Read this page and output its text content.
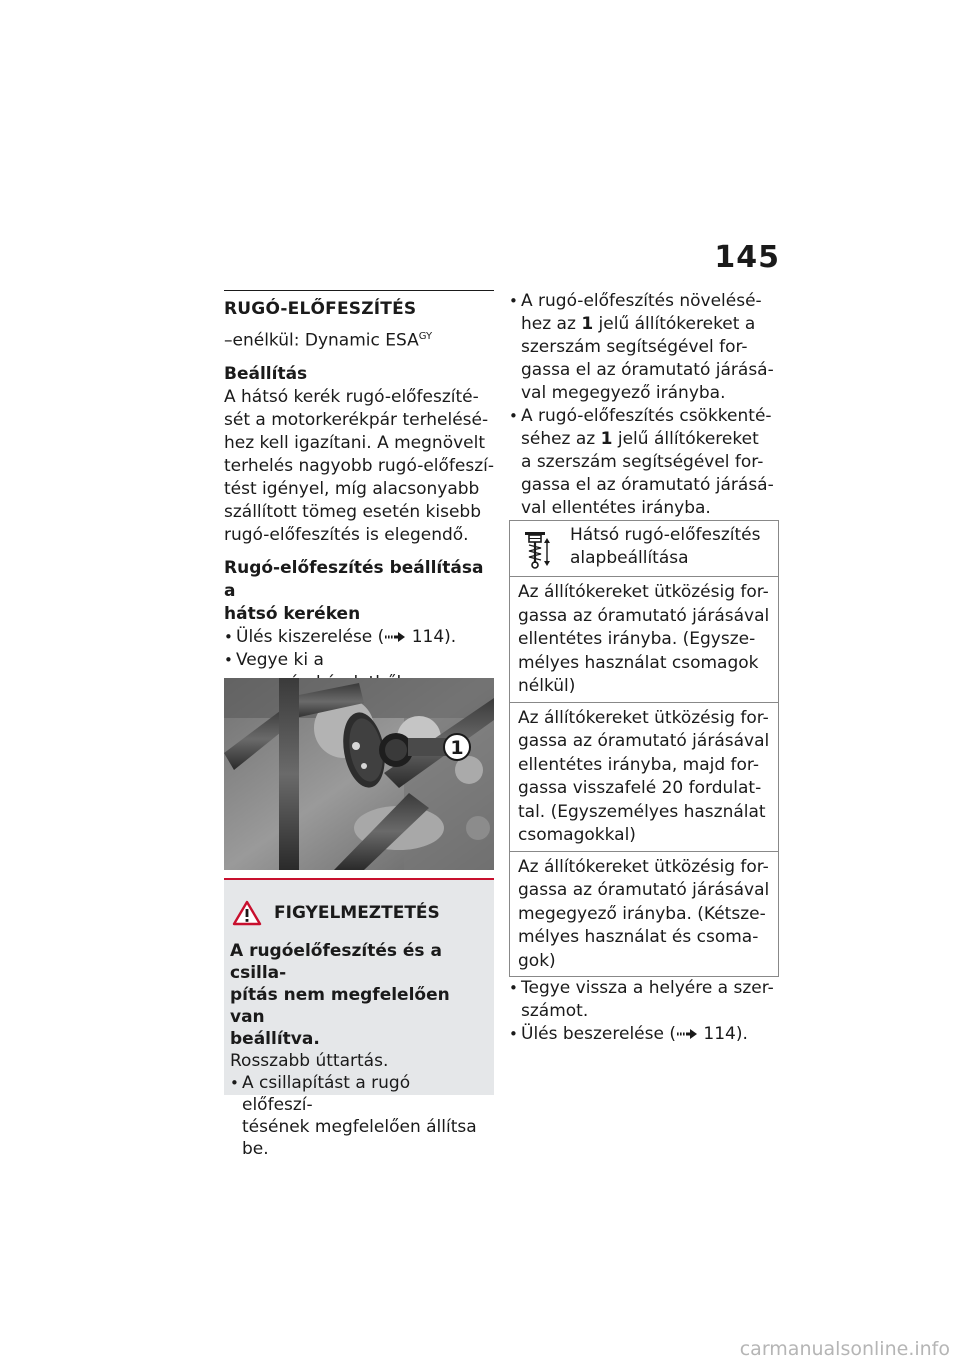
145
RUGÓ-ELŐFESZÍTÉS
–enélkül: Dynamic $ESA^{GY}$
Beállítás
A hátsó kerék rugó-előfeszíté-
sét a motorkerékpár terhelésé-
hez kell igazítani. A megnövelt
terhelés nagyobb rugó-előfeszí-
tést igényel, míg alacsonyabb
szállított tömeg esetén kisebb
rugó-előfeszítés is elegendő.
Rugó-előfeszítés beállítása a
hátsó keréken
• Ülés kiszerelése ( 114).
• Vegye ki a
1
FIGYELMEZTETÉS
A rugóelőfeszítés és a csilla-
pítás nem megfelelően van
beállítva.
Rosszabb úttartás.
• A csillapítást a rugó előfeszí-
tésének megfelelően állítsa
be.
• A rugó-előfeszítés növelésé-
hez az 1 jelű állítókereket a
szerszám segítségével for-
gassa el az óramutató járásá-
val megegyező irányba.
• A rugó-előfeszítés csökkenté-
séhez az 1 jelű állítókereket
a szerszám segítségével for-
gassa el az óramutató járásá-
val ellentétes irányba.
Hátsó rugó-előfeszítés
alapbeállítása
Az állítókereket ütközésig for-
gassa az óramutató járásával
ellentétes irányba. (Egysze-
mélyes használat csomagok
nélkül)
Az állítókereket ütközésig for-
gassa az óramutató járásával
ellentétes irányba, majd for-
gassa visszafelé 20 fordulat-
tal. (Egyszemélyes használat
csomagokkal)
Az állítókereket ütközésig for-
gassa az óramutató járásával
megegyező irányba. (Kétsze-
mélyes használat és csoma-
gok)
• Tegye vissza a helyére a szer-
számot.
• Ülés beszerelése ( 114).
carmanualsonline.info
